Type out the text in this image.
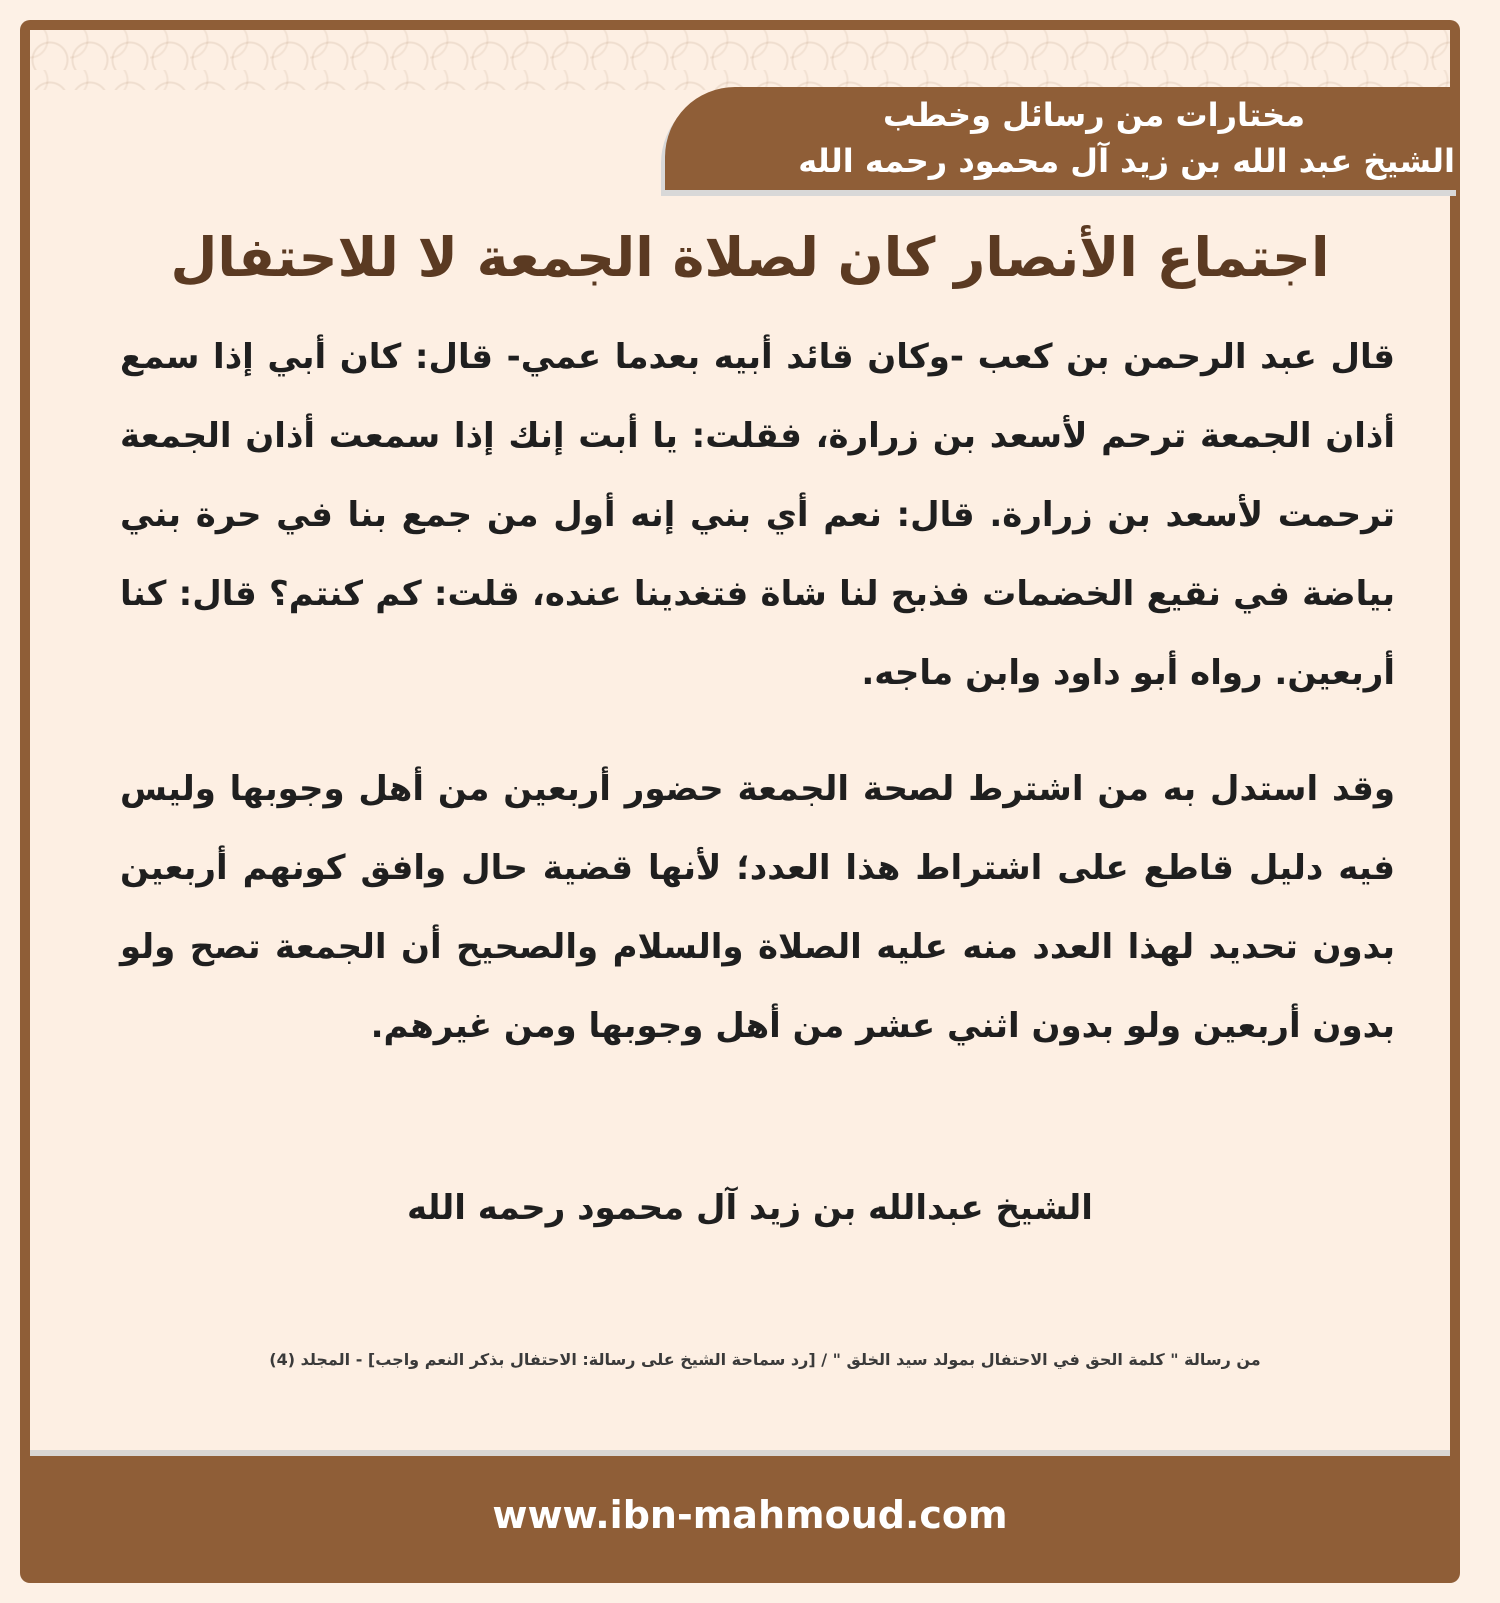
مختارات من رسائل وخطب
الشيخ عبد الله بن زيد آل محمود رحمه الله
اجتماع الأنصار كان لصلاة الجمعة لا للاحتفال
قال عبد الرحمن بن كعب -وكان قائد أبيه بعدما عمي- قال: كان أبي إذا سمع أذان الجمعة ترحم لأسعد بن زرارة، فقلت: يا أبت إنك إذا سمعت أذان الجمعة ترحمت لأسعد بن زرارة. قال: نعم أي بني إنه أول من جمع بنا في حرة بني بياضة في نقيع الخضمات فذبح لنا شاة فتغدينا عنده، قلت: كم كنتم؟ قال: كنا أربعين. رواه أبو داود وابن ماجه.
وقد استدل به من اشترط لصحة الجمعة حضور أربعين من أهل وجوبها وليس فيه دليل قاطع على اشتراط هذا العدد؛ لأنها قضية حال وافق كونهم أربعين بدون تحديد لهذا العدد منه عليه الصلاة والسلام والصحيح أن الجمعة تصح ولو بدون أربعين ولو بدون اثني عشر من أهل وجوبها ومن غيرهم.
الشيخ عبدالله بن زيد آل محمود رحمه الله
من رسالة " كلمة الحق في الاحتفال بمولد سيد الخلق " / [رد سماحة الشيخ على رسالة: الاحتفال بذكر النعم واجب] - المجلد (4)
www.ibn-mahmoud.com
